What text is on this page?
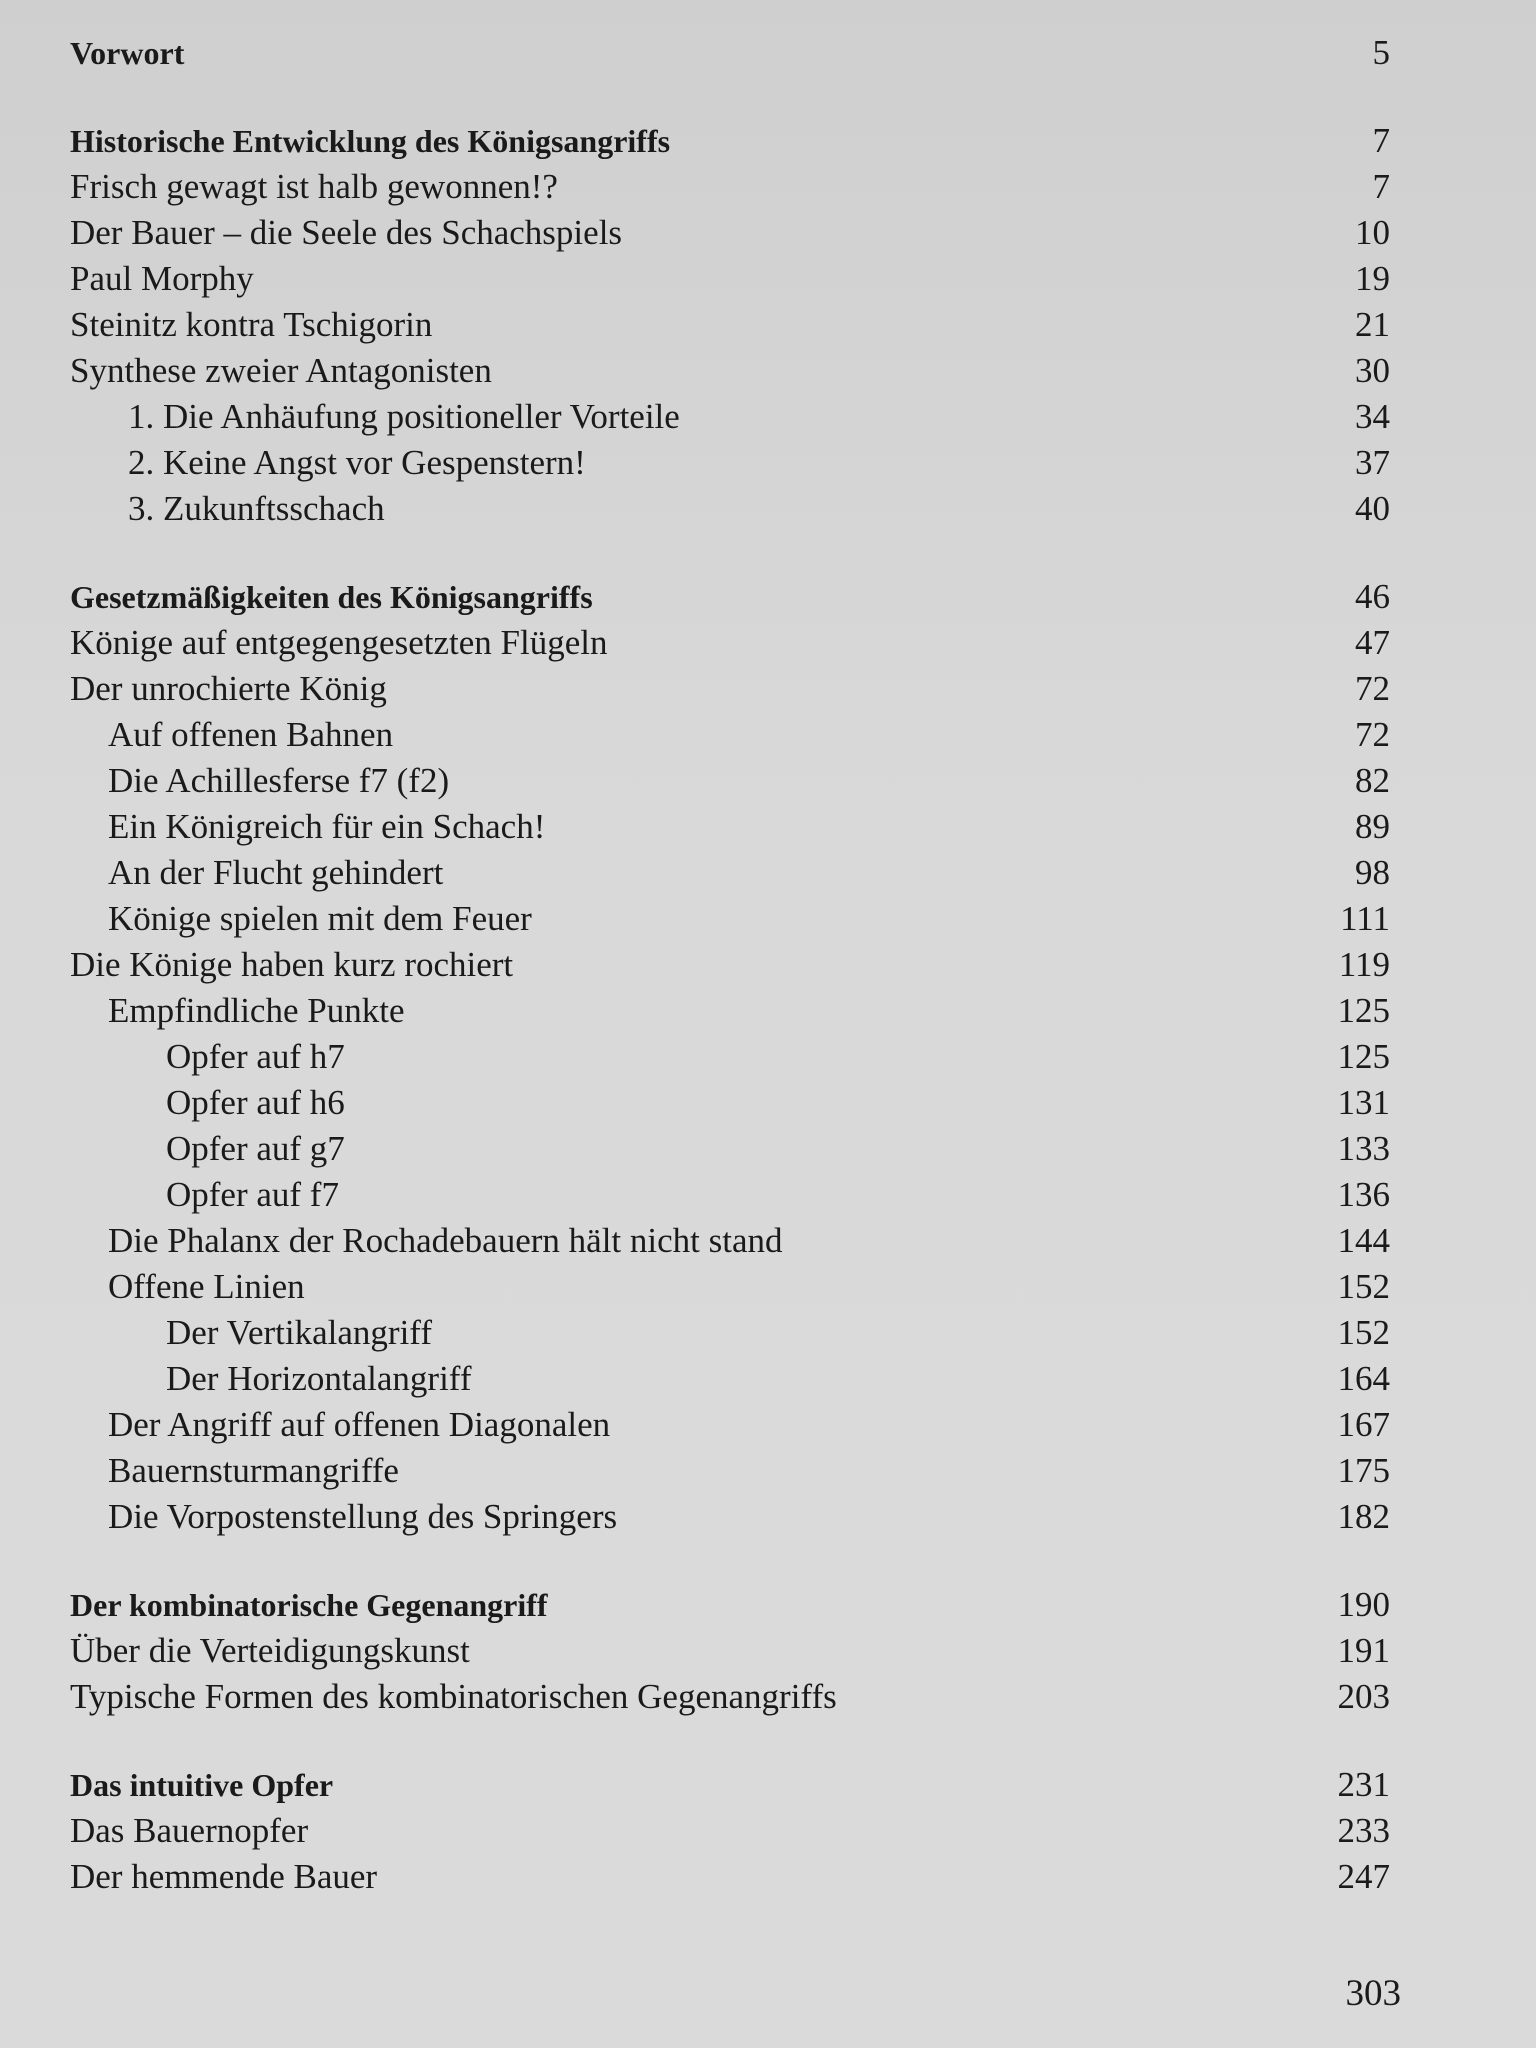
Vorwort	5
Historische Entwicklung des Königsangriffs	7
Frisch gewagt ist halb gewonnen!?	7
Der Bauer – die Seele des Schachspiels	10
Paul Morphy	19
Steinitz kontra Tschigorin	21
Synthese zweier Antagonisten	30
1. Die Anhäufung positioneller Vorteile	34
2. Keine Angst vor Gespenstern!	37
3. Zukunftsschach	40
Gesetzmäßigkeiten des Königsangriffs	46
Könige auf entgegengesetzten Flügeln	47
Der unrochierte König	72
Auf offenen Bahnen	72
Die Achillesferse f7 (f2)	82
Ein Königreich für ein Schach!	89
An der Flucht gehindert	98
Könige spielen mit dem Feuer	111
Die Könige haben kurz rochiert	119
Empfindliche Punkte	125
Opfer auf h7	125
Opfer auf h6	131
Opfer auf g7	133
Opfer auf f7	136
Die Phalanx der Rochadebauern hält nicht stand	144
Offene Linien	152
Der Vertikalangriff	152
Der Horizontalangriff	164
Der Angriff auf offenen Diagonalen	167
Bauernsturmangriffe	175
Die Vorpostenstellung des Springers	182
Der kombinatorische Gegenangriff	190
Über die Verteidigungskunst	191
Typische Formen des kombinatorischen Gegenangriffs	203
Das intuitive Opfer	231
Das Bauernopfer	233
Der hemmende Bauer	247
303
